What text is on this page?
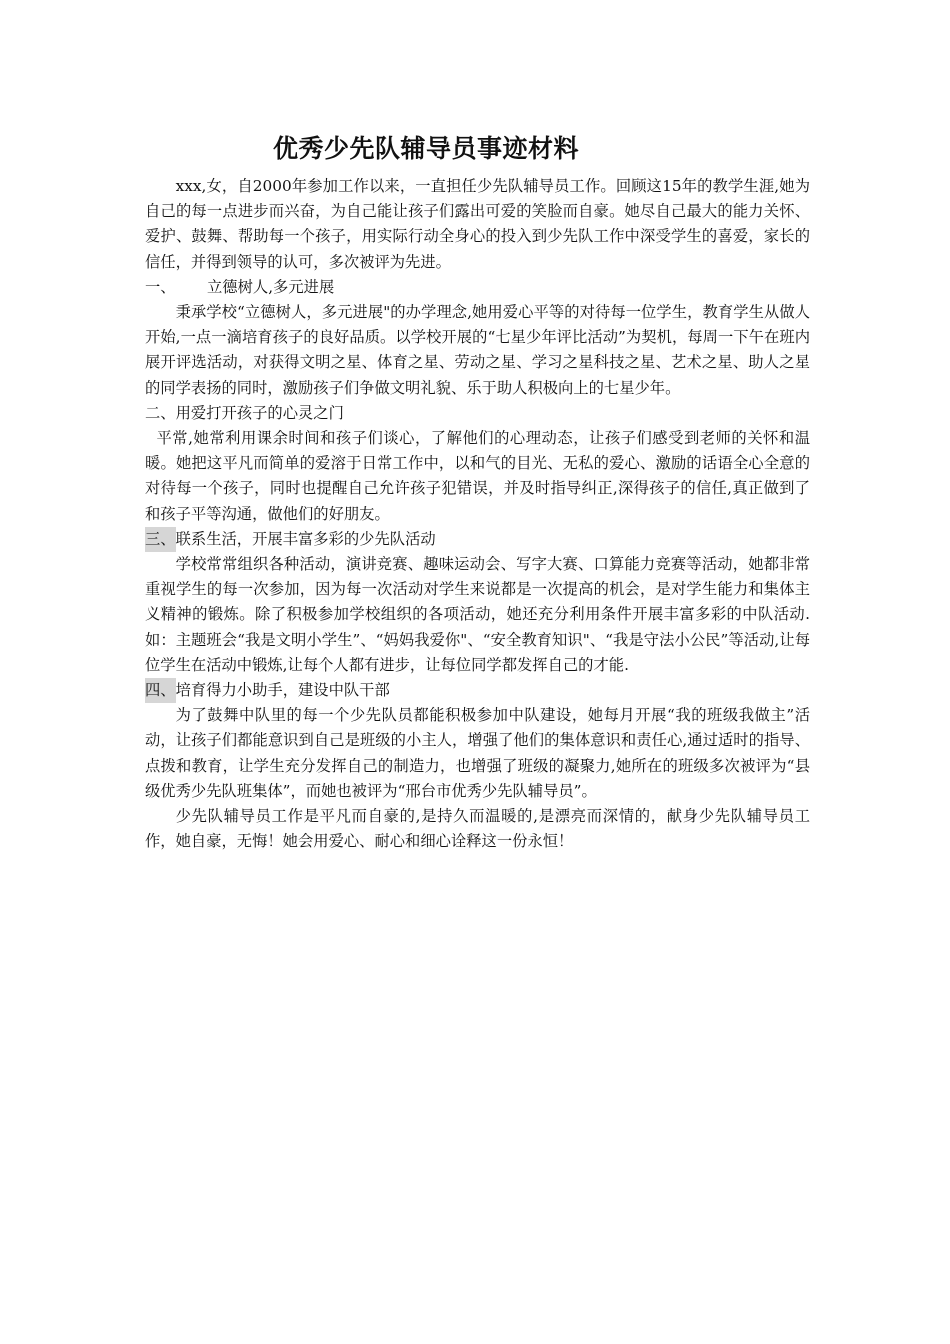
优秀少先队辅导员事迹材料

xxx,女，自2000年参加工作以来，一直担任少先队辅导员工作。回顾这15年的教学生涯,她为自己的每一点进步而兴奋，为自己能让孩子们露出可爱的笑脸而自豪。她尽自己最大的能力关怀、爱护、鼓舞、帮助每一个孩子，用实际行动全身心的投入到少先队工作中深受学生的喜爱，家长的信任，并得到领导的认可，多次被评为先进。

一、 立德树人,多元进展

秉承学校“立德树人，多元进展"的办学理念,她用爱心平等的对待每一位学生，教育学生从做人开始,一点一滴培育孩子的良好品质。以学校开展的“七星少年评比活动”为契机，每周一下午在班内展开评选活动，对获得文明之星、体育之星、劳动之星、学习之星科技之星、艺术之星、助人之星的同学表扬的同时，激励孩子们争做文明礼貌、乐于助人积极向上的七星少年。

二、用爱打开孩子的心灵之门

平常,她常利用课余时间和孩子们谈心，了解他们的心理动态，让孩子们感受到老师的关怀和温暖。她把这平凡而简单的爱溶于日常工作中，以和气的目光、无私的爱心、激励的话语全心全意的对待每一个孩子，同时也提醒自己允许孩子犯错误，并及时指导纠正,深得孩子的信任,真正做到了和孩子平等沟通，做他们的好朋友。

三、联系生活，开展丰富多彩的少先队活动

学校常常组织各种活动，演讲竞赛、趣味运动会、写字大赛、口算能力竞赛等活动，她都非常重视学生的每一次参加，因为每一次活动对学生来说都是一次提高的机会，是对学生能力和集体主义精神的锻炼。除了积极参加学校组织的各项活动，她还充分利用条件开展丰富多彩的中队活动.如：主题班会“我是文明小学生”、“妈妈我爱你"、“安全教育知识"、“我是守法小公民”等活动,让每位学生在活动中锻炼,让每个人都有进步，让每位同学都发挥自己的才能.

四、培育得力小助手，建设中队干部

为了鼓舞中队里的每一个少先队员都能积极参加中队建设，她每月开展“我的班级我做主”活动，让孩子们都能意识到自己是班级的小主人，增强了他们的集体意识和责任心,通过适时的指导、点拨和教育，让学生充分发挥自己的制造力，也增强了班级的凝聚力,她所在的班级多次被评为“县级优秀少先队班集体”，而她也被评为“邢台市优秀少先队辅导员”。

少先队辅导员工作是平凡而自豪的,是持久而温暖的,是漂亮而深情的，献身少先队辅导员工作，她自豪，无悔！她会用爱心、耐心和细心诠释这一份永恒！
